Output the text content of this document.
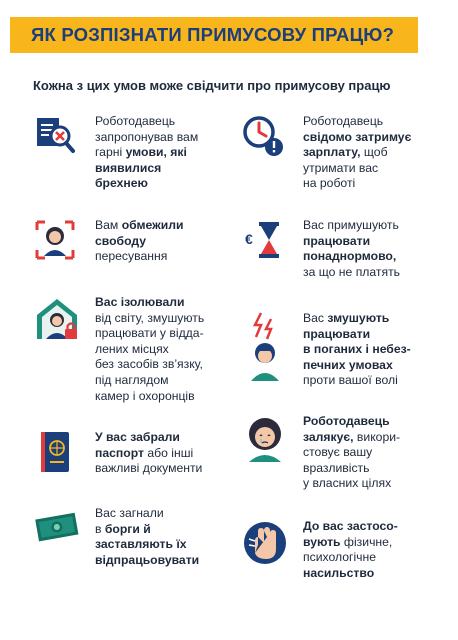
ЯК РОЗПІЗНАТИ ПРИМУСОВУ ПРАЦЮ?
Кожна з цих умов може свідчити про примусову працю
Роботодавець
запропонував вам
гарні умови, які
виявилися
брехнею
Роботодавець
свідомо затримує
зарплату, щоб
утримати вас
на роботі
Вам обмежили
свободу
пересування
€
Вас примушують
працювати
понаднормово,
за що не платять
Вас ізолювали
від світу, змушують
працювати у відда-
лених місцях
без засобів зв’язку,
під наглядом
камер і охоронців
Вас змушують
працювати
в поганих і небез-
печних умовах
проти вашої волі
У вас забрали
паспорт або інші
важливі документи
Роботодавець
залякує, викори-
стовує вашу
вразливість
у власних цілях
Вас загнали
в борги й
заставляють їх
відпрацьовувати
До вас застосо-
вують фізичне,
психологічне
насильство
